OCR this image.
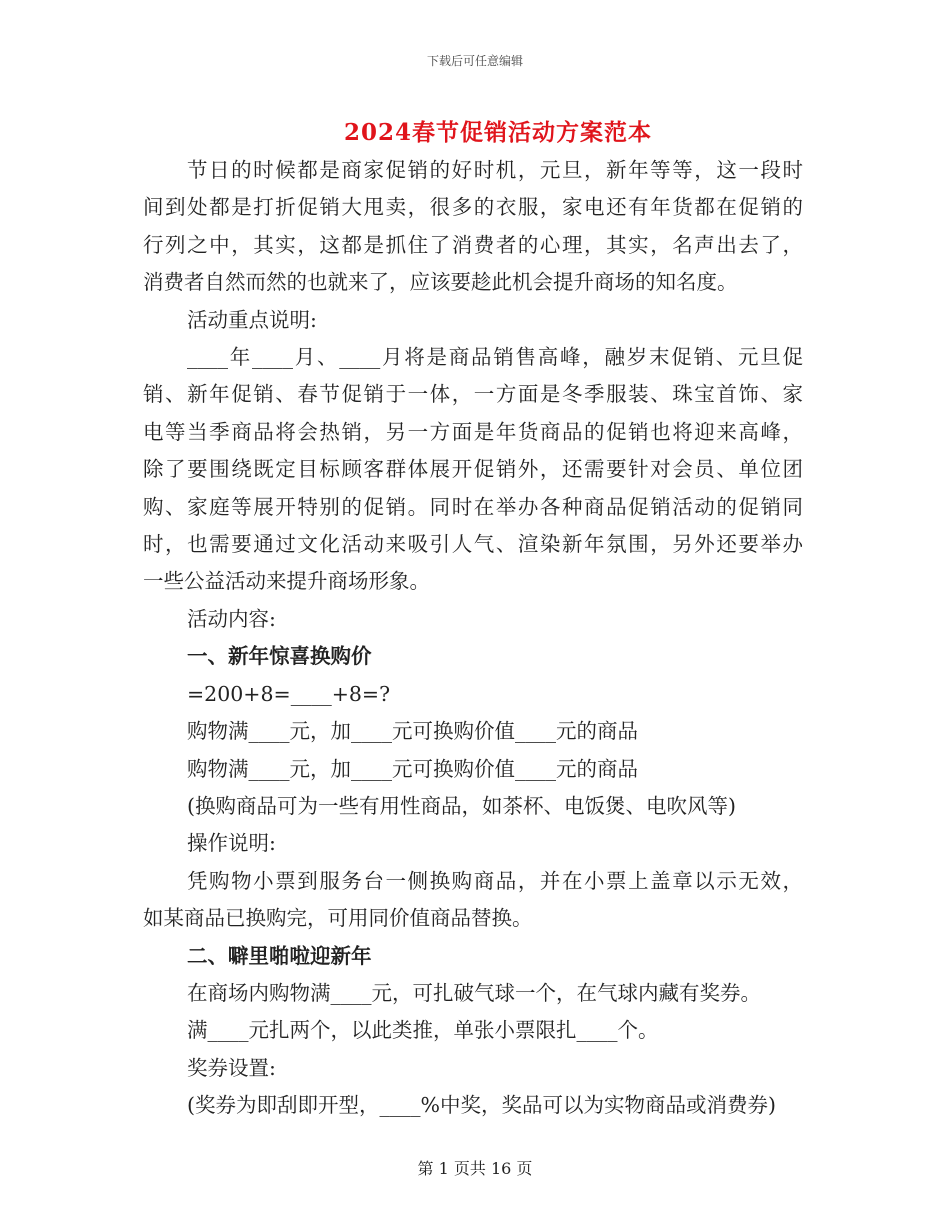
下载后可任意编辑
2024春节促销活动方案范本

节日的时候都是商家促销的好时机，元旦，新年等等，这一段时

间到处都是打折促销大甩卖，很多的衣服，家电还有年货都在促销的

行列之中，其实，这都是抓住了消费者的心理，其实，名声出去了，

消费者自然而然的也就来了，应该要趁此机会提升商场的知名度。

活动重点说明:

____年____月、____月将是商品销售高峰，融岁末促销、元旦促

销、新年促销、春节促销于一体，一方面是冬季服装、珠宝首饰、家

电等当季商品将会热销，另一方面是年货商品的促销也将迎来高峰，

除了要围绕既定目标顾客群体展开促销外，还需要针对会员、单位团

购、家庭等展开特别的促销。同时在举办各种商品促销活动的促销同

时，也需要通过文化活动来吸引人气、渲染新年氛围，另外还要举办

一些公益活动来提升商场形象。

活动内容:

一、新年惊喜换购价

=200+8=____+8=?

购物满____元，加____元可换购价值____元的商品

购物满____元，加____元可换购价值____元的商品

(换购商品可为一些有用性商品，如茶杯、电饭煲、电吹风等)

操作说明:

凭购物小票到服务台一侧换购商品，并在小票上盖章以示无效，

如某商品已换购完，可用同价值商品替换。

二、噼里啪啦迎新年

在商场内购物满____元，可扎破气球一个，在气球内藏有奖券。

满____元扎两个，以此类推，单张小票限扎____个。

奖券设置:

(奖券为即刮即开型，____%中奖，奖品可以为实物商品或消费券)

第 1 页共 16 页
